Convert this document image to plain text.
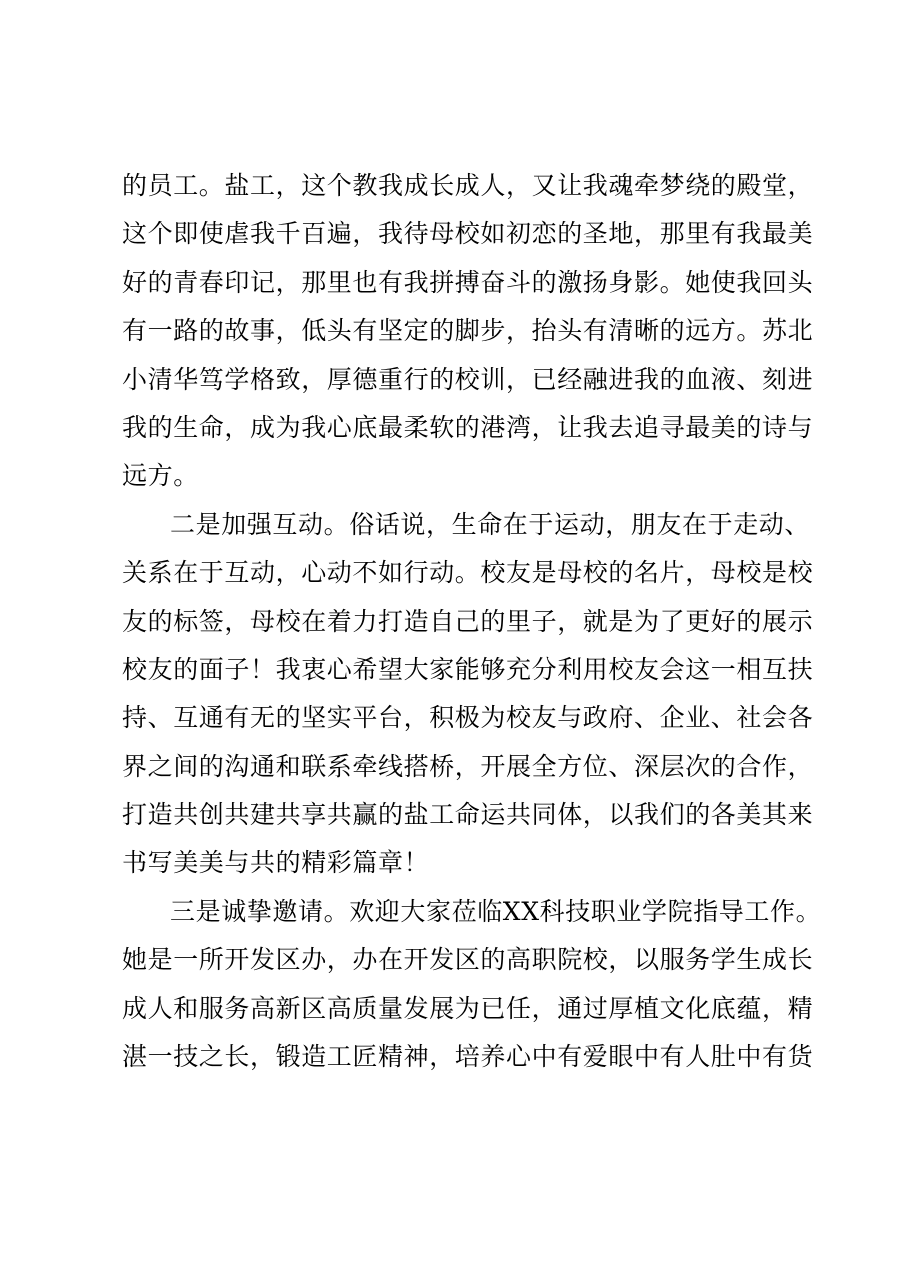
的员工。盐工，这个教我成长成人，又让我魂牵梦绕的殿堂，
这个即使虐我千百遍，我待母校如初恋的圣地，那里有我最美
好的青春印记，那里也有我拼搏奋斗的激扬身影。她使我回头
有一路的故事，低头有坚定的脚步，抬头有清晰的远方。苏北
小清华笃学格致，厚德重行的校训，已经融进我的血液、刻进
我的生命，成为我心底最柔软的港湾，让我去追寻最美的诗与
远方。
二是加强互动。俗话说，生命在于运动，朋友在于走动、
关系在于互动，心动不如行动。校友是母校的名片，母校是校
友的标签，母校在着力打造自己的里子，就是为了更好的展示
校友的面子！我衷心希望大家能够充分利用校友会这一相互扶
持、互通有无的坚实平台，积极为校友与政府、企业、社会各
界之间的沟通和联系牵线搭桥，开展全方位、深层次的合作，
打造共创共建共享共赢的盐工命运共同体，以我们的各美其来
书写美美与共的精彩篇章！
三是诚挚邀请。欢迎大家莅临XX科技职业学院指导工作。
她是一所开发区办，办在开发区的高职院校，以服务学生成长
成人和服务高新区高质量发展为已任，通过厚植文化底蕴，精
湛一技之长，锻造工匠精神，培养心中有爱眼中有人肚中有货
